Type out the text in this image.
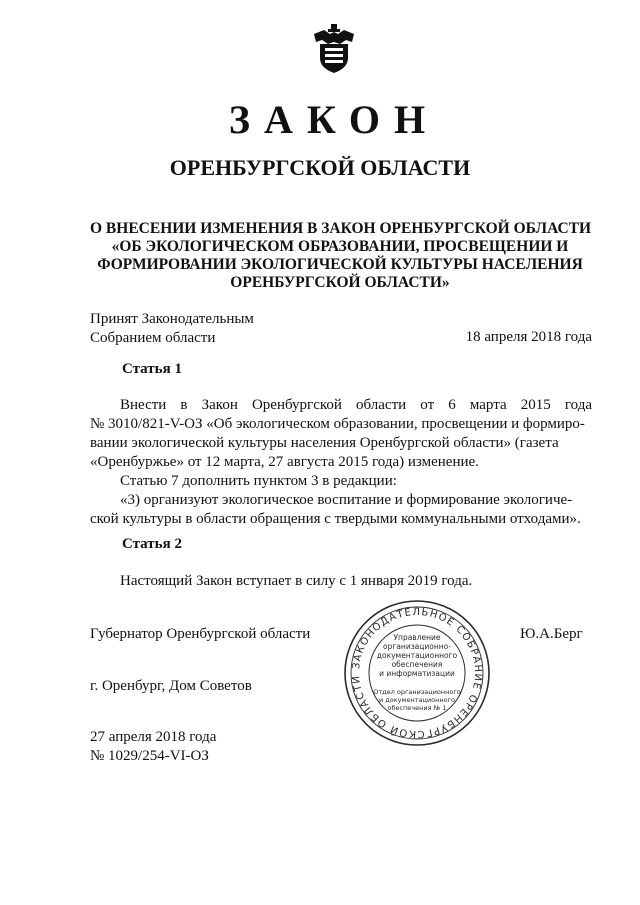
ЗАКОН
ОРЕНБУРГСКОЙ ОБЛАСТИ
О ВНЕСЕНИИ ИЗМЕНЕНИЯ В ЗАКОН ОРЕНБУРГСКОЙ ОБЛАСТИ
«ОБ ЭКОЛОГИЧЕСКОМ ОБРАЗОВАНИИ, ПРОСВЕЩЕНИИ И
ФОРМИРОВАНИИ ЭКОЛОГИЧЕСКОЙ КУЛЬТУРЫ НАСЕЛЕНИЯ
ОРЕНБУРГСКОЙ ОБЛАСТИ»
Принят Законодательным
Собранием области	18 апреля 2018 года
Статья 1
Внести в Закон Оренбургской области от 6 марта 2015 года
№ 3010/821-V-ОЗ «Об экологическом образовании, просвещении и формиро-
вании экологической культуры населения Оренбургской области» (газета
«Оренбуржье» от 12 марта, 27 августа 2015 года) изменение.
Статью 7 дополнить пунктом 3 в редакции:
«3) организуют экологическое воспитание и формирование экологиче-
ской культуры в области обращения с твердыми коммунальными отходами».
Статья 2
Настоящий Закон вступает в силу с 1 января 2019 года.
Губернатор Оренбургской области	Ю.А.Берг
г. Оренбург, Дом Советов
27 апреля 2018 года
№ 1029/254-VI-ОЗ
ЗАКОНОДАТЕЛЬНОЕ СОБРАНИЕ ОРЕНБУРГСКОЙ ОБЛАСТИ
Управление
организационно-
документационного
обеспечения
и информатизации
Отдел организационного
и документационного
обеспечения № 1
